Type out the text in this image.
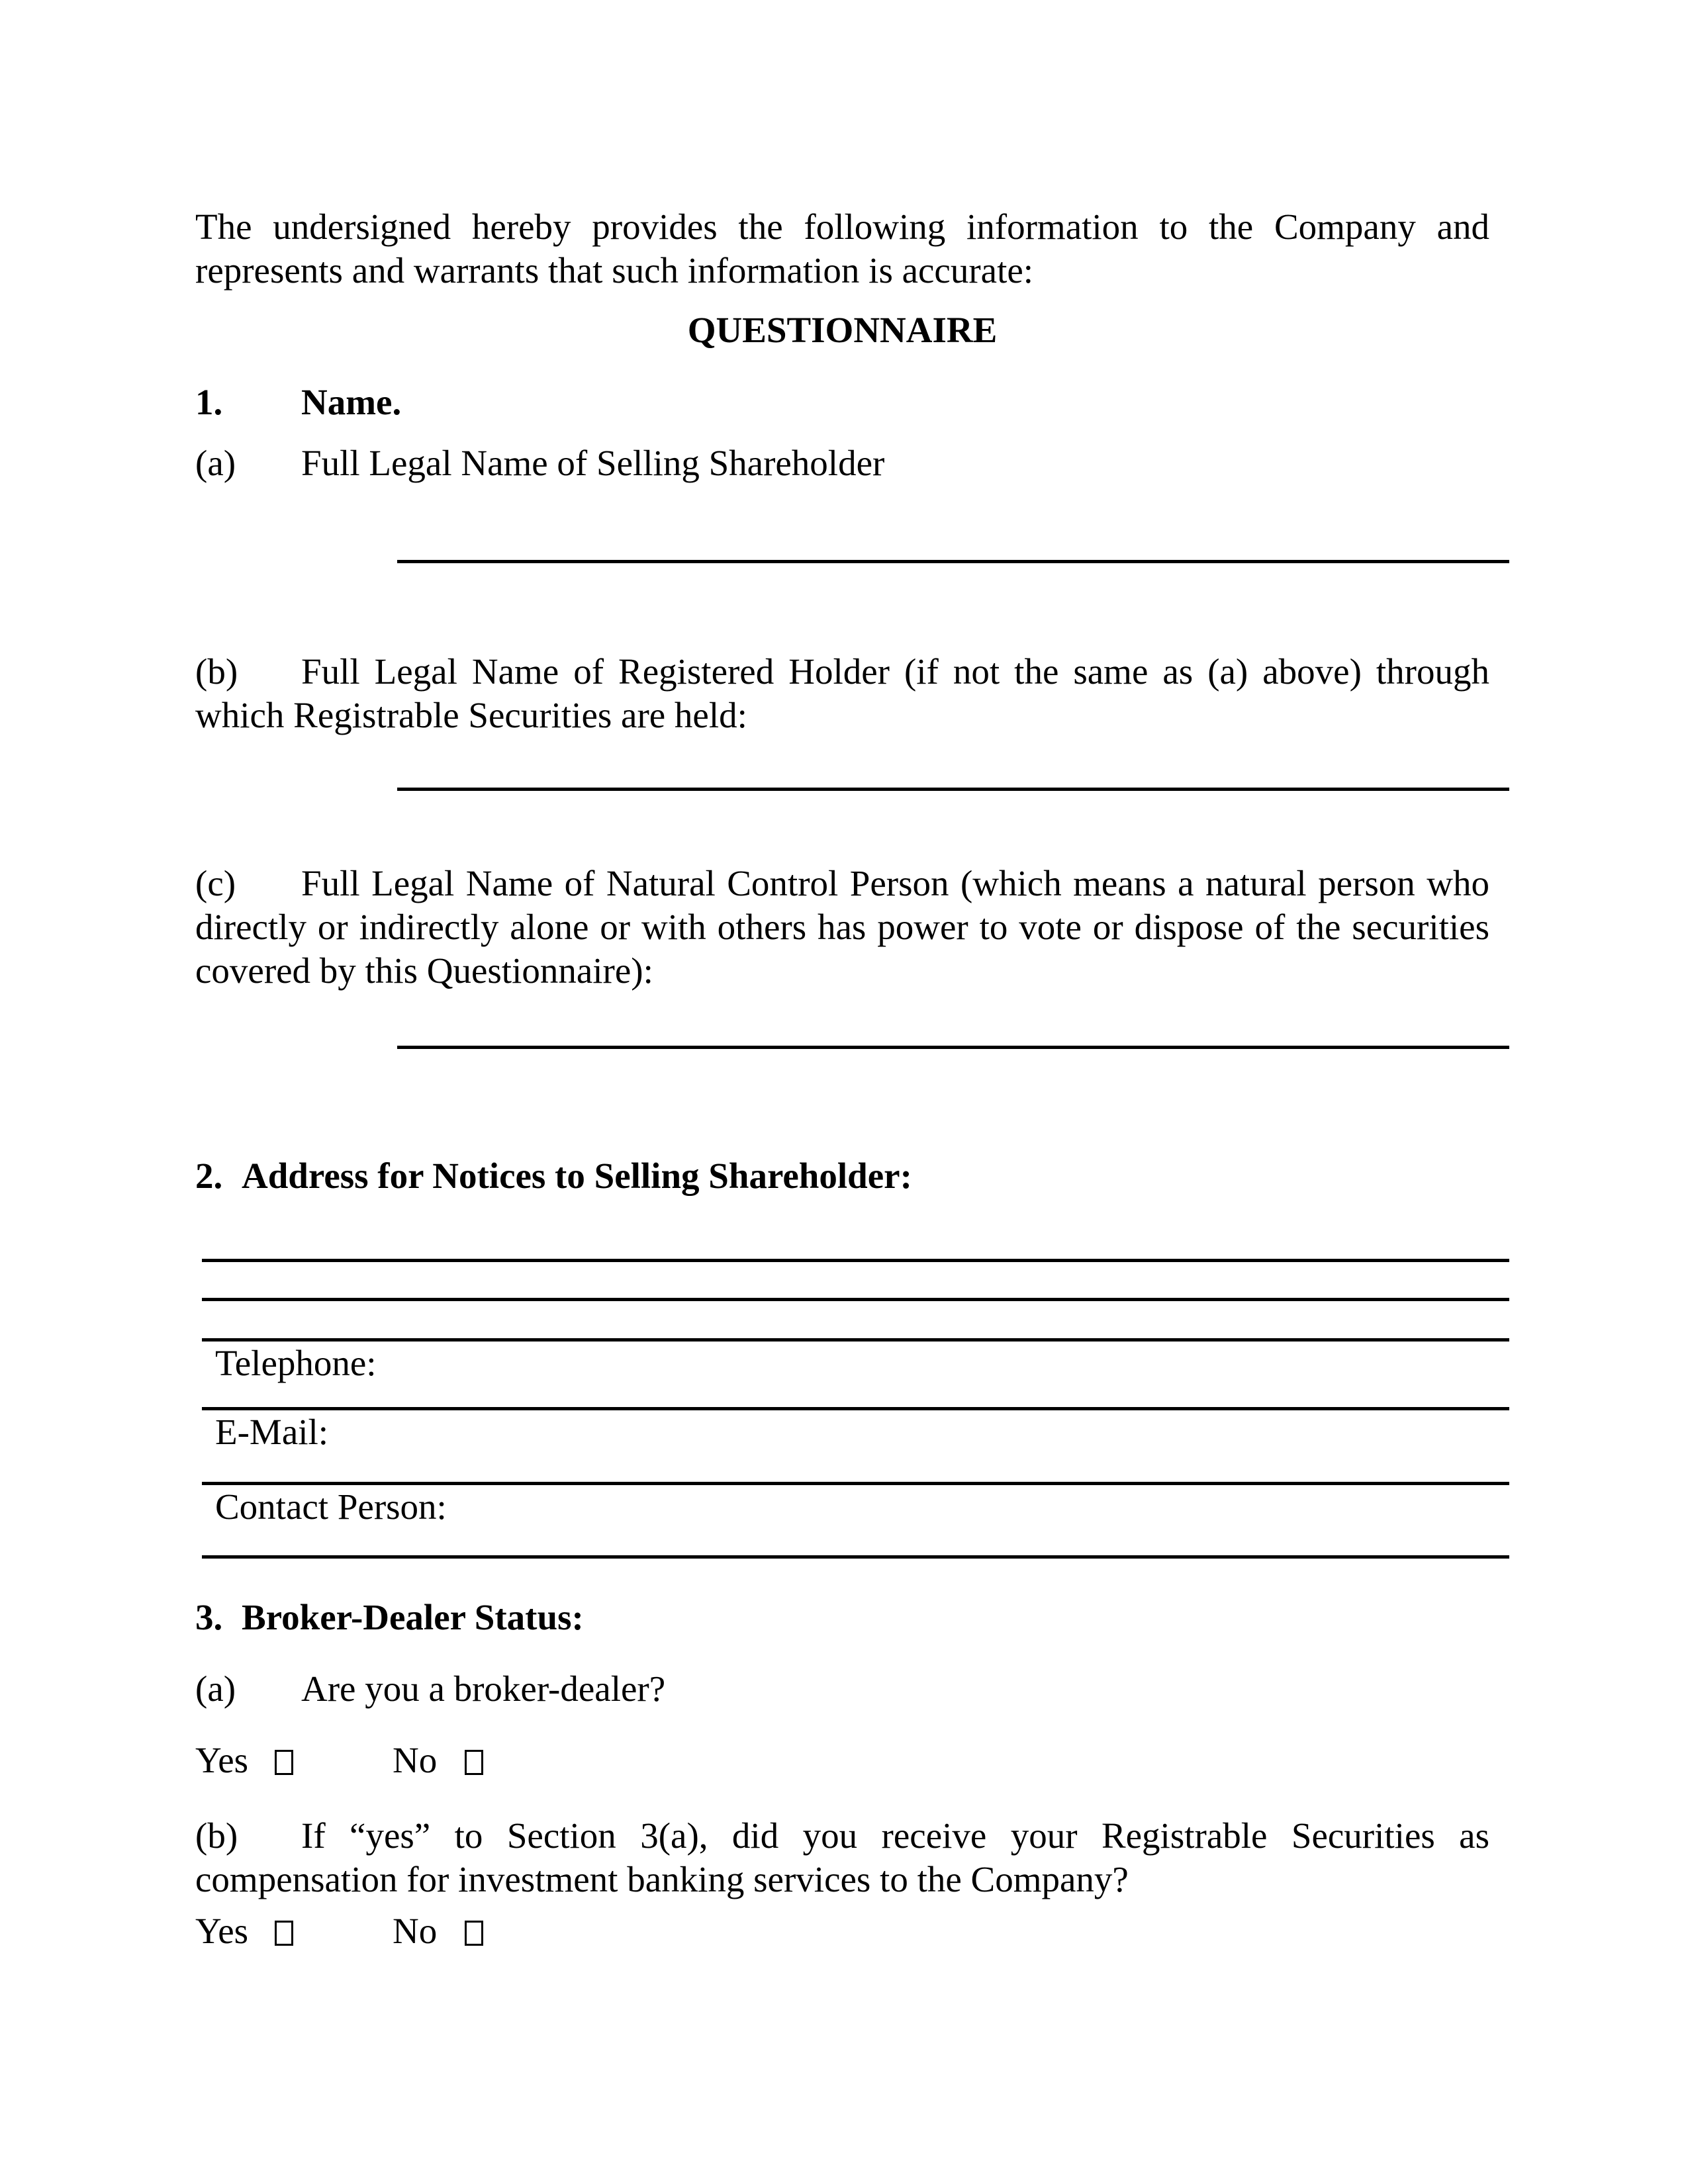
The undersigned hereby provides the following information to the Company and represents and warrants that such information is accurate:
QUESTIONNAIRE
1. Name.
(a) Full Legal Name of Selling Shareholder
(b) Full Legal Name of Registered Holder (if not the same as (a) above) through which Registrable Securities are held:
(c) Full Legal Name of Natural Control Person (which means a natural person who directly or indirectly alone or with others has power to vote or dispose of the securities covered by this Questionnaire):
2. Address for Notices to Selling Shareholder:
Telephone:
E-Mail:
Contact Person:
3. Broker-Dealer Status:
(a) Are you a broker-dealer?
Yes	No
(b) If “yes” to Section 3(a), did you receive your Registrable Securities as compensation for investment banking services to the Company?
Yes	No
